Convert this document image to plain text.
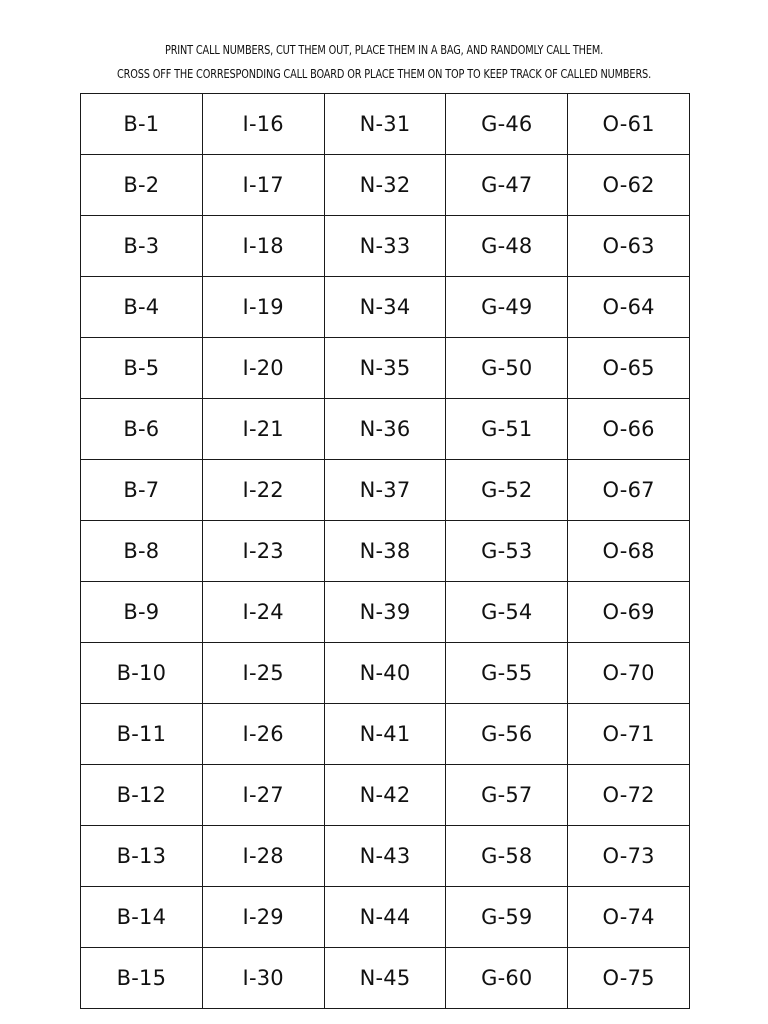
PRINT CALL NUMBERS, CUT THEM OUT, PLACE THEM IN A BAG, AND RANDOMLY CALL THEM.
CROSS OFF THE CORRESPONDING CALL BOARD OR PLACE THEM ON TOP TO KEEP TRACK OF CALLED NUMBERS.
B-1	I-16	N-31	G-46	O-61
B-2	I-17	N-32	G-47	O-62
B-3	I-18	N-33	G-48	O-63
B-4	I-19	N-34	G-49	O-64
B-5	I-20	N-35	G-50	O-65
B-6	I-21	N-36	G-51	O-66
B-7	I-22	N-37	G-52	O-67
B-8	I-23	N-38	G-53	O-68
B-9	I-24	N-39	G-54	O-69
B-10	I-25	N-40	G-55	O-70
B-11	I-26	N-41	G-56	O-71
B-12	I-27	N-42	G-57	O-72
B-13	I-28	N-43	G-58	O-73
B-14	I-29	N-44	G-59	O-74
B-15	I-30	N-45	G-60	O-75
